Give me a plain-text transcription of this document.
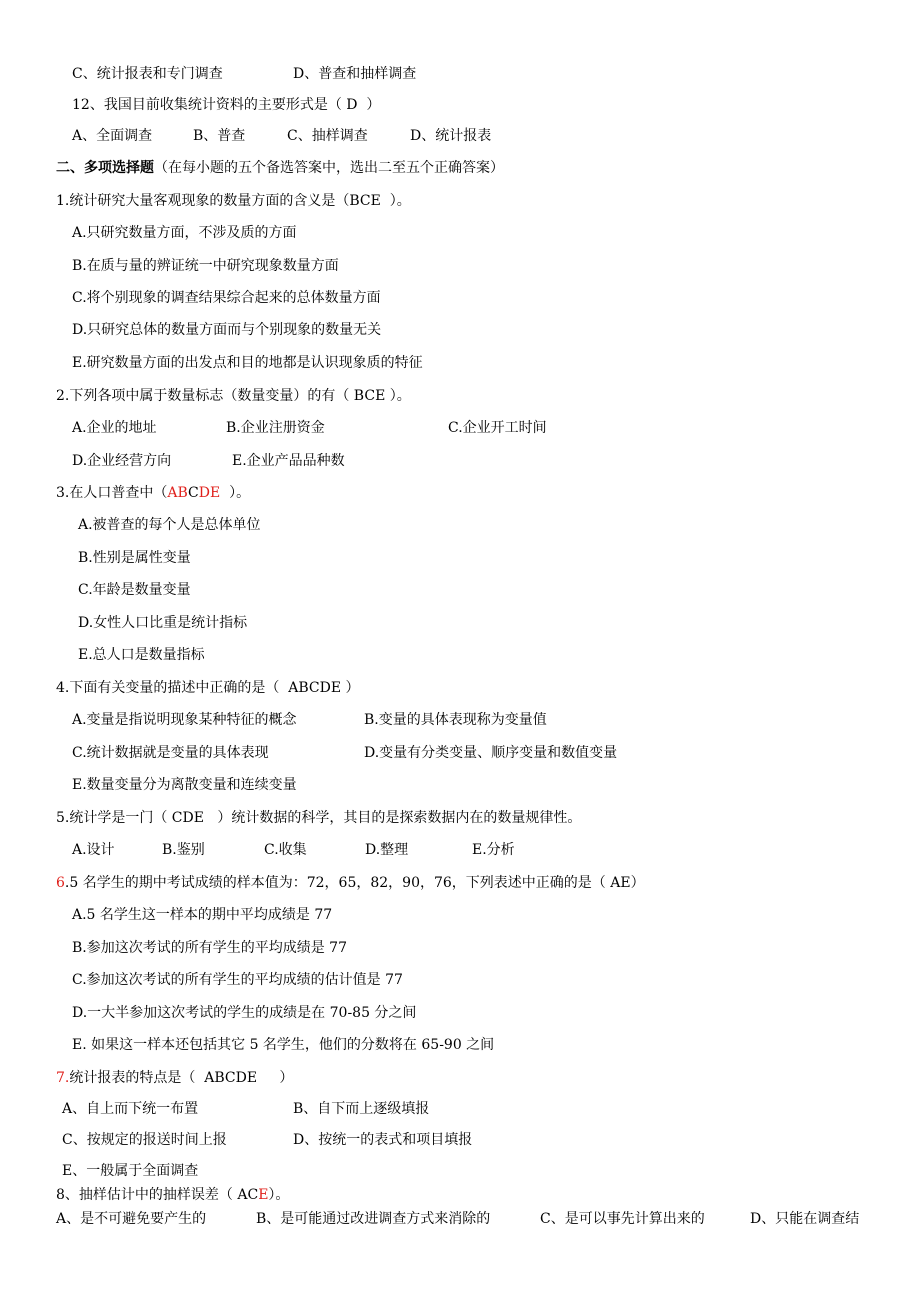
C、统计报表和专门调查	D、普查和抽样调查
12、我国目前收集统计资料的主要形式是（ D  ）
A、全面调查	B、普查	C、抽样调查	D、统计报表
二、多项选择题（在每小题的五个备选答案中，选出二至五个正确答案）
1.统计研究大量客观现象的数量方面的含义是（BCE  ）。
A.只研究数量方面，不涉及质的方面
B.在质与量的辨证统一中研究现象数量方面
C.将个别现象的调查结果综合起来的总体数量方面
D.只研究总体的数量方面而与个别现象的数量无关
E.研究数量方面的出发点和目的地都是认识现象质的特征
2.下列各项中属于数量标志（数量变量）的有（ BCE ）。
A.企业的地址	B.企业注册资金	C.企业开工时间
D.企业经营方向	E.企业产品品种数
3.在人口普查中（ABCDE  ）。
A.被普查的每个人是总体单位
B.性别是属性变量
C.年龄是数量变量
D.女性人口比重是统计指标
E.总人口是数量指标
4.下面有关变量的描述中正确的是（  ABCDE ）
A.变量是指说明现象某种特征的概念	B.变量的具体表现称为变量值
C.统计数据就是变量的具体表现	D.变量有分类变量、顺序变量和数值变量
E.数量变量分为离散变量和连续变量
5.统计学是一门（ CDE   ）统计数据的科学，其目的是探索数据内在的数量规律性。
A.设计	B.鉴别	C.收集	D.整理	E.分析
6.5 名学生的期中考试成绩的样本值为：72，65，82，90，76，下列表述中正确的是（ AE）
A.5 名学生这一样本的期中平均成绩是 77
B.参加这次考试的所有学生的平均成绩是 77
C.参加这次考试的所有学生的平均成绩的估计值是 77
D.一大半参加这次考试的学生的成绩是在 70-85 分之间
E. 如果这一样本还包括其它 5 名学生，他们的分数将在 65-90 之间
7.统计报表的特点是（  ABCDE     ）
A、自上而下统一布置	B、自下而上逐级填报
C、按规定的报送时间上报	D、按统一的表式和项目填报
E、一般属于全面调查
8、抽样估计中的抽样误差（ ACE）。
A、是不可避免要产生的	B、是可能通过改进调查方式来消除的	C、是可以事先计算出来的	D、只能在调查结
